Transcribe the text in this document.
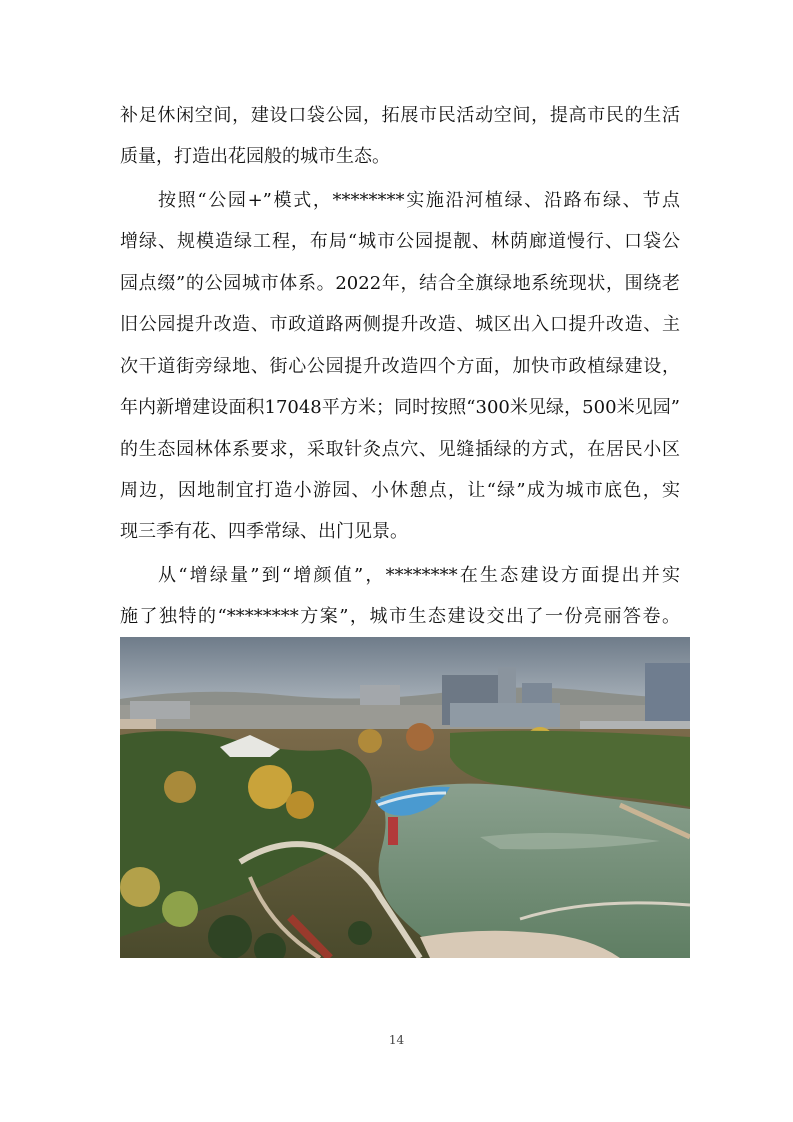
补足休闲空间，建设口袋公园，拓展市民活动空间，提高市民的生活
质量，打造出花园般的城市生态。
按照“公园+”模式，********实施沿河植绿、沿路布绿、节点
增绿、规模造绿工程，布局“城市公园提靓、林荫廊道慢行、口袋公
园点缀”的公园城市体系。2022年，结合全旗绿地系统现状，围绕老
旧公园提升改造、市政道路两侧提升改造、城区出入口提升改造、主
次干道街旁绿地、街心公园提升改造四个方面，加快市政植绿建设，
年内新增建设面积17048平方米；同时按照“300米见绿，500米见园”
的生态园林体系要求，采取针灸点穴、见缝插绿的方式，在居民小区
周边，因地制宜打造小游园、小休憩点，让“绿”成为城市底色，实
现三季有花、四季常绿、出门见景。
从“增绿量”到“增颜值”，********在生态建设方面提出并实
施了独特的“********方案”，城市生态建设交出了一份亮丽答卷。
14
